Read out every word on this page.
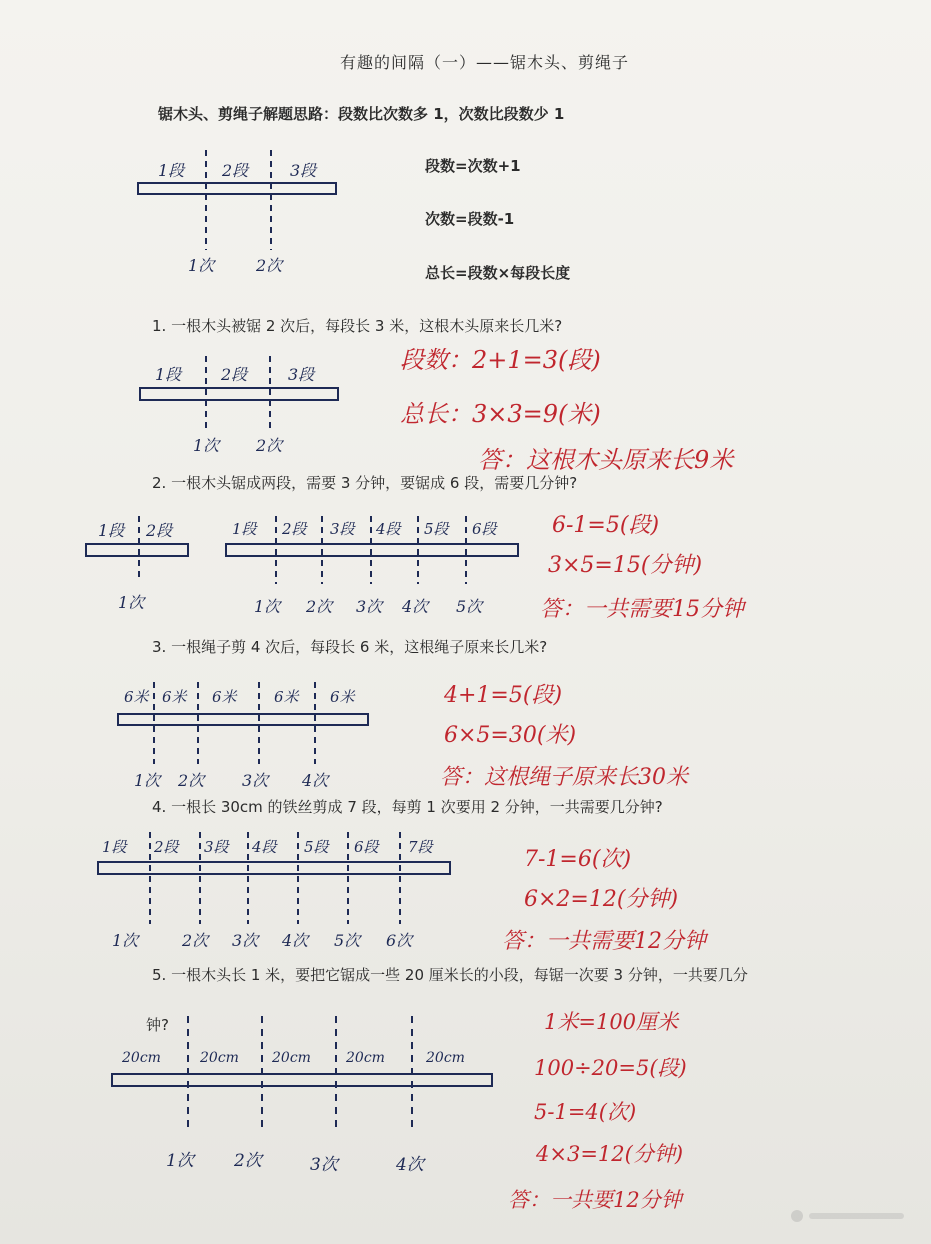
有趣的间隔（一）——锯木头、剪绳子
锯木头、剪绳子解题思路：段数比次数多 1，次数比段数少 1
段数=次数+1
次数=段数-1
总长=段数×每段长度
1段 2段	3段
1次	2次
1. 一根木头被锯 2 次后，每段长 3 米，这根木头原来长几米?
1段 2段	3段
1次 2次
段数：2+1=3(段)
总长：3×3=9(米)
答：这根木头原来长9米
2. 一根木头锯成两段，需要 3 分钟，要锯成 6 段，需要几分钟?
1段 2段
1次
1段 2段 3段 4段 5段 6段
1次 2次 3次 4次 5次
6-1=5(段)
3×5=15(分钟)
答：一共需要15分钟
3. 一根绳子剪 4 次后，每段长 6 米，这根绳子原来长几米?
6米 6米 6米 6米 6米
1次 2次 3次 4次
4+1=5(段)
6×5=30(米)
答：这根绳子原来长30米
4. 一根长 30cm 的铁丝剪成 7 段，每剪 1 次要用 2 分钟，一共需要几分钟?
1段 2段 3段 4段 5段 6段 7段
1次	2次 3次 4次 5次 6次
7-1=6(次)
6×2=12(分钟)
答：一共需要12分钟
5. 一根木头长 1 米，要把它锯成一些 20 厘米长的小段，每锯一次要 3 分钟，一共要几分
钟?
20cm	20cm 20cm	20cm	20cm
1次 2次	3次	4次
1米=100厘米
100÷20=5(段)
5-1=4(次)
4×3=12(分钟)
答：一共要12分钟
